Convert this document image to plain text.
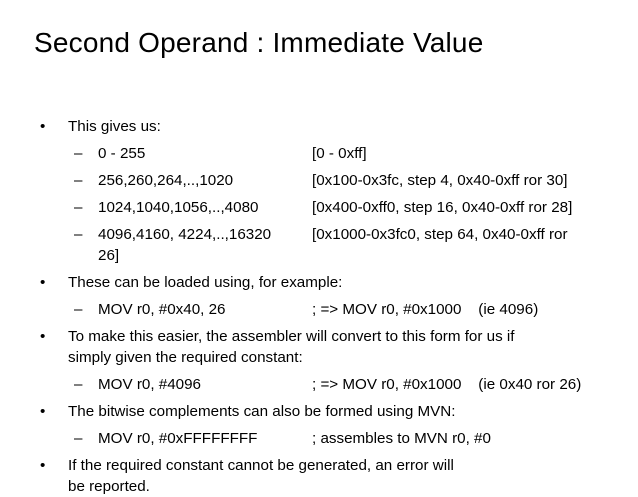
Second Operand : Immediate Value
• This gives us:
– 0 - 255	[0 - 0xff]
– 256,260,264,..,1020	[0x100-0x3fc, step 4, 0x40-0xff ror 30]
– 1024,1040,1056,..,4080	[0x400-0xff0, step 16, 0x40-0xff ror 28]
– 4096,4160, 4224,..,16320	[0x1000-0x3fc0, step 64, 0x40-0xff ror
26]
• These can be loaded using, for example:
– MOV r0, #0x40, 26	; => MOV r0, #0x1000    (ie 4096)
• To make this easier, the assembler will convert to this form for us if
simply given the required constant:
– MOV r0, #4096	; => MOV r0, #0x1000    (ie 0x40 ror 26)
• The bitwise complements can also be formed using MVN:
– MOV r0, #0xFFFFFFFF	; assembles to MVN r0, #0
• If the required constant cannot be generated, an error will
be reported.
